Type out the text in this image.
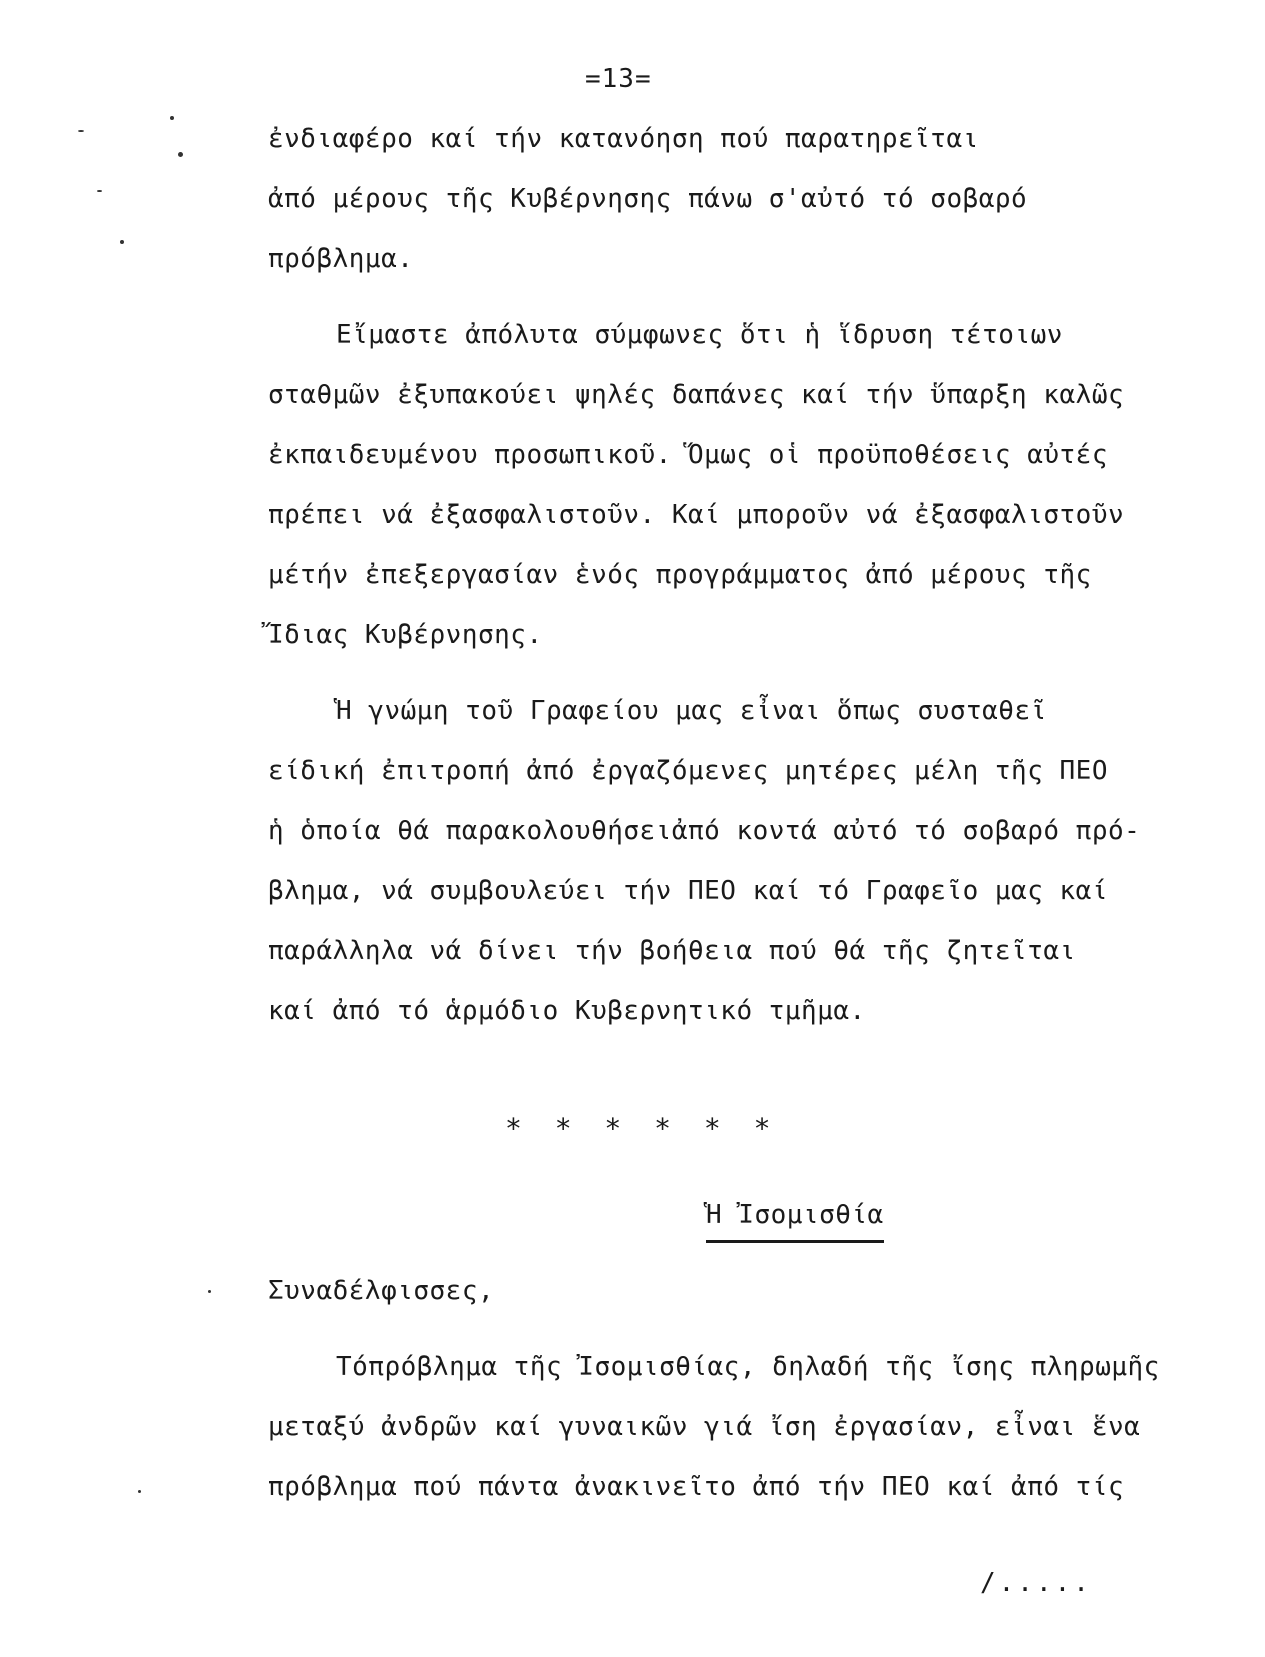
=13=
ἐνδιαφέρο καί τήν κατανόηση πού παρατηρεῖται
ἀπό μέρους τῆς Κυβέρνησης πάνω σ'αὐτό τό σοβαρό
πρόβλημα.
Εἴμαστε ἀπόλυτα σύμφωνες ὅτι ἡ ἵδρυση τέτοιων
σταθμῶν ἐξυπακούει ψηλές δαπάνες καί τήν ὕπαρξη καλῶς
ἐκπαιδευμένου προσωπικοῦ. Ὅμως οἱ προϋποθέσεις αὐτές
πρέπει νά ἐξασφαλιστοῦν. Καί μποροῦν νά ἐξασφαλιστοῦν
μέτήν ἐπεξεργασίαν ἑνός προγράμματος ἀπό μέρους τῆς
Ἴδιας Κυβέρνησης.
Ἡ γνώμη τοῦ Γραφείου μας εἶναι ὅπως συσταθεῖ
είδική ἐπιτροπή ἀπό ἐργαζόμενες μητέρες μέλη τῆς ΠΕΟ
ἡ ὁποία θά παρακολουθήσειἀπό κοντά αὐτό τό σοβαρό πρό-
βλημα, νά συμβουλεύει τήν ΠΕΟ καί τό Γραφεῖο μας καί
παράλληλα νά δίνει τήν βοήθεια πού θά τῆς ζητεῖται
καί ἀπό τό ἁρμόδιο Κυβερνητικό τμῆμα.
* * * * * *
Ἡ Ἰσομισθία
Συναδέλφισσες,
Τόπρόβλημα τῆς Ἰσομισθίας, δηλαδή τῆς ἴσης πληρωμῆς
μεταξύ ἀνδρῶν καί γυναικῶν γιά ἴση ἐργασίαν, εἶναι ἕνα
πρόβλημα πού πάντα ἀνακινεῖτο ἀπό τήν ΠΕΟ καί ἀπό τίς
/.....
